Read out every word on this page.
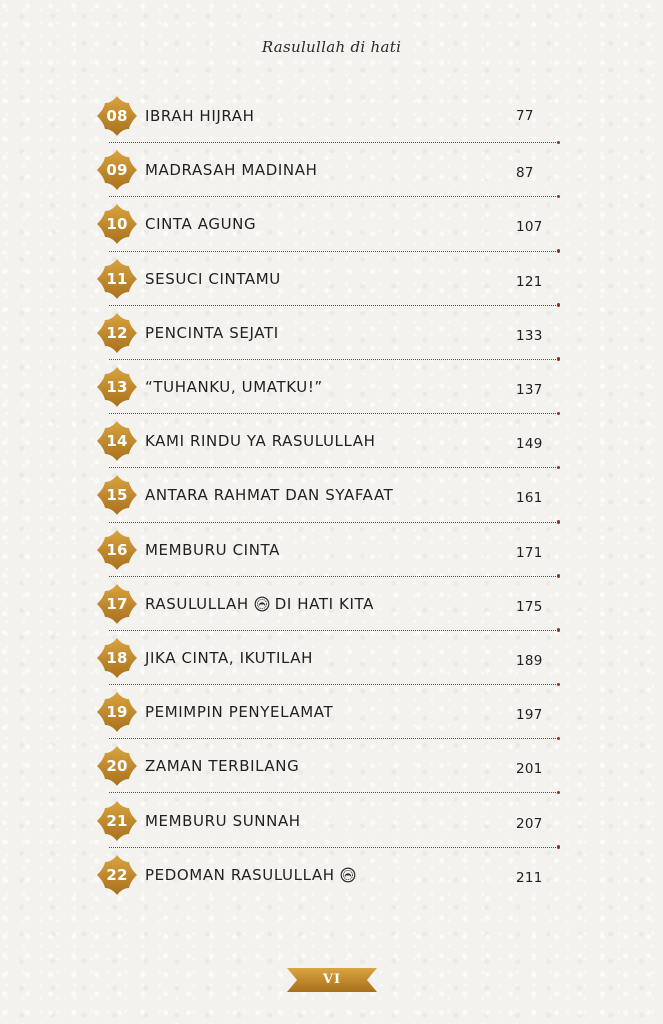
Rasulullah di hati
08	IBRAH HIJRAH	77
09	MADRASAH MADINAH	87
10	CINTA AGUNG	107
11	SESUCI CINTAMU	121
12	PENCINTA SEJATI	133
13	“TUHANKU, UMATKU!”	137
14	KAMI RINDU YA RASULULLAH	149
15	ANTARA RAHMAT DAN SYAFAAT	161
16	MEMBURU CINTA	171
17	RASULULLAH DI HATI KITA	175
18	JIKA CINTA, IKUTILAH	189
19	PEMIMPIN PENYELAMAT	197
20	ZAMAN TERBILANG	201
21	MEMBURU SUNNAH	207
22	PEDOMAN RASULULLAH	211
VI
